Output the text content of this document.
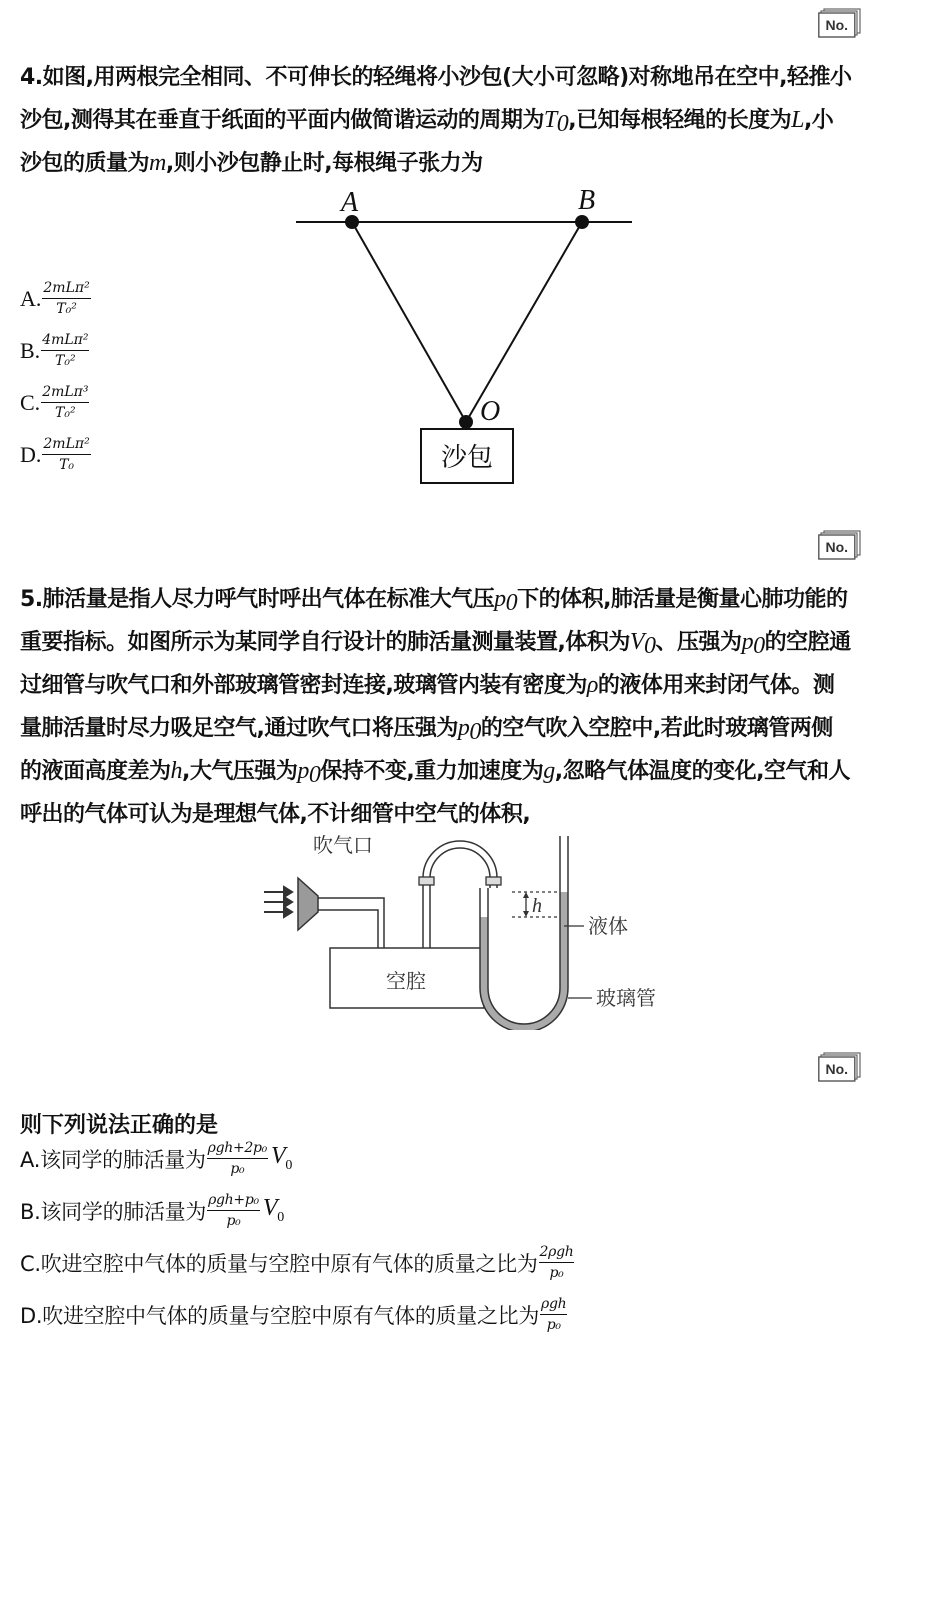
No.
No.
No.
4.如图,用两根完全相同、不可伸长的轻绳将小沙包(大小可忽略)对称地吊在空中,轻推小
沙包,测得其在垂直于纸面的平面内做简谐运动的周期为$T_0$,已知每根轻绳的长度为L,小
沙包的质量为m,则小沙包静止时,每根绳子张力为
A	B
O
沙包
A. $\frac{\text{2mLπ²}}{\text{T₀²}}$
B. $\frac{\text{4mLπ²}}{\text{T₀²}}$
C. $\frac{\text{2mLπ³}}{\text{T₀²}}$
D. $\frac{\text{2mLπ²}}{\text{T₀}}$
5.肺活量是指人尽力呼气时呼出气体在标准大气压$p_0$下的体积,肺活量是衡量心肺功能的
重要指标。如图所示为某同学自行设计的肺活量测量装置,体积为$V_0$、压强为$p_0$的空腔通
过细管与吹气口和外部玻璃管密封连接,玻璃管内装有密度为ρ的液体用来封闭气体。测
量肺活量时尽力吸足空气,通过吹气口将压强为$p_0$的空气吹入空腔中,若此时玻璃管两侧
的液面高度差为h,大气压强为$p_0$保持不变,重力加速度为g,忽略气体温度的变化,空气和人
呼出的气体可认为是理想气体,不计细管中空气的体积,
吹气口
空腔
h
液体
玻璃管
则下列说法正确的是
A.该同学的肺活量为 $\frac{\text{ρgh+2p₀}}{\text{p₀}} V_0$
B.该同学的肺活量为 $\frac{\text{ρgh+p₀}}{\text{p₀}} V_0$
C.吹进空腔中气体的质量与空腔中原有气体的质量之比为 $\frac{\text{2ρgh}}{\text{p₀}}$
D.吹进空腔中气体的质量与空腔中原有气体的质量之比为 $\frac{\text{ρgh}}{\text{p₀}}$
